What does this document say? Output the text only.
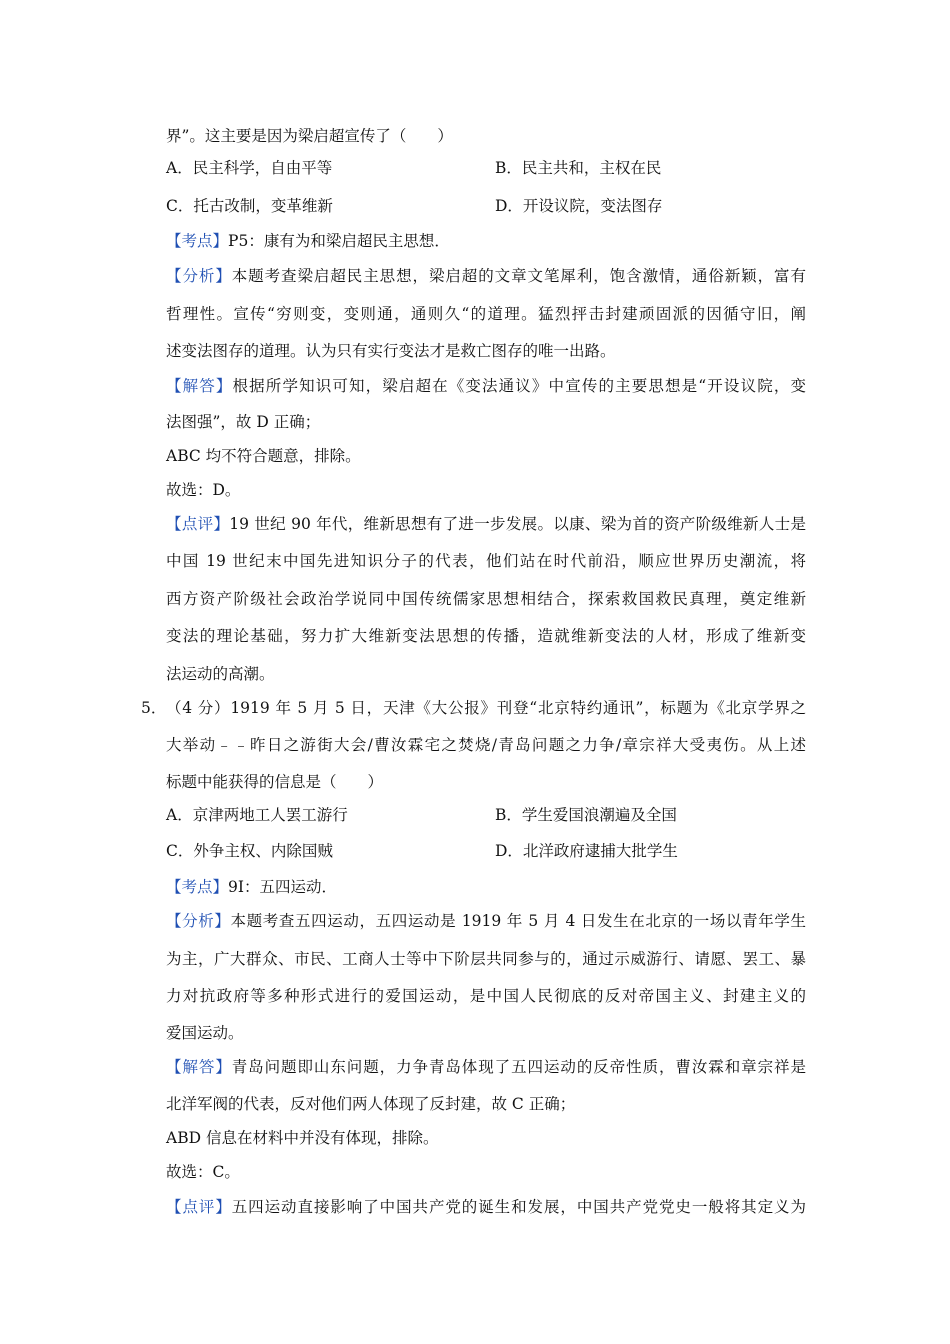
界”。这主要是因为梁启超宣传了（　　）
A．民主科学，自由平等	B．民主共和，主权在民
C．托古改制，变革维新	D．开设议院，变法图存
【考点】P5：康有为和梁启超民主思想．
【分析】本题考查梁启超民主思想，梁启超的文章文笔犀利，饱含激情，通俗新颖，富有
哲理性。宣传“穷则变，变则通，通则久“的道理。猛烈抨击封建顽固派的因循守旧，阐
述变法图存的道理。认为只有实行变法才是救亡图存的唯一出路。
【解答】根据所学知识可知，梁启超在《变法通议》中宣传的主要思想是“开设议院，变
法图强”，故 D 正确；
ABC 均不符合题意，排除。
故选：D。
【点评】19 世纪 90 年代，维新思想有了进一步发展。以康、梁为首的资产阶级维新人士是
中国 19 世纪末中国先进知识分子的代表，他们站在时代前沿，顺应世界历史潮流，将
西方资产阶级社会政治学说同中国传统儒家思想相结合，探索救国救民真理，奠定维新
变法的理论基础，努力扩大维新变法思想的传播，造就维新变法的人材，形成了维新变
法运动的高潮。
5． （4 分）1919 年 5 月 5 日，天津《大公报》刊登“北京特约通讯”，标题为《北京学界之
大举动﹣﹣昨日之游街大会/曹汝霖宅之焚烧/青岛问题之力争/章宗祥大受夷伤。从上述
标题中能获得的信息是（　　）
A．京津两地工人罢工游行	B．学生爱国浪潮遍及全国
C．外争主权、内除国贼	D．北洋政府逮捕大批学生
【考点】9I：五四运动．
【分析】本题考查五四运动，五四运动是 1919 年 5 月 4 日发生在北京的一场以青年学生
为主，广大群众、市民、工商人士等中下阶层共同参与的，通过示威游行、请愿、罢工、暴
力对抗政府等多种形式进行的爱国运动，是中国人民彻底的反对帝国主义、封建主义的
爱国运动。
【解答】青岛问题即山东问题，力争青岛体现了五四运动的反帝性质，曹汝霖和章宗祥是
北洋军阀的代表，反对他们两人体现了反封建，故 C 正确；
ABD 信息在材料中并没有体现，排除。
故选：C。
【点评】五四运动直接影响了中国共产党的诞生和发展，中国共产党党史一般将其定义为
